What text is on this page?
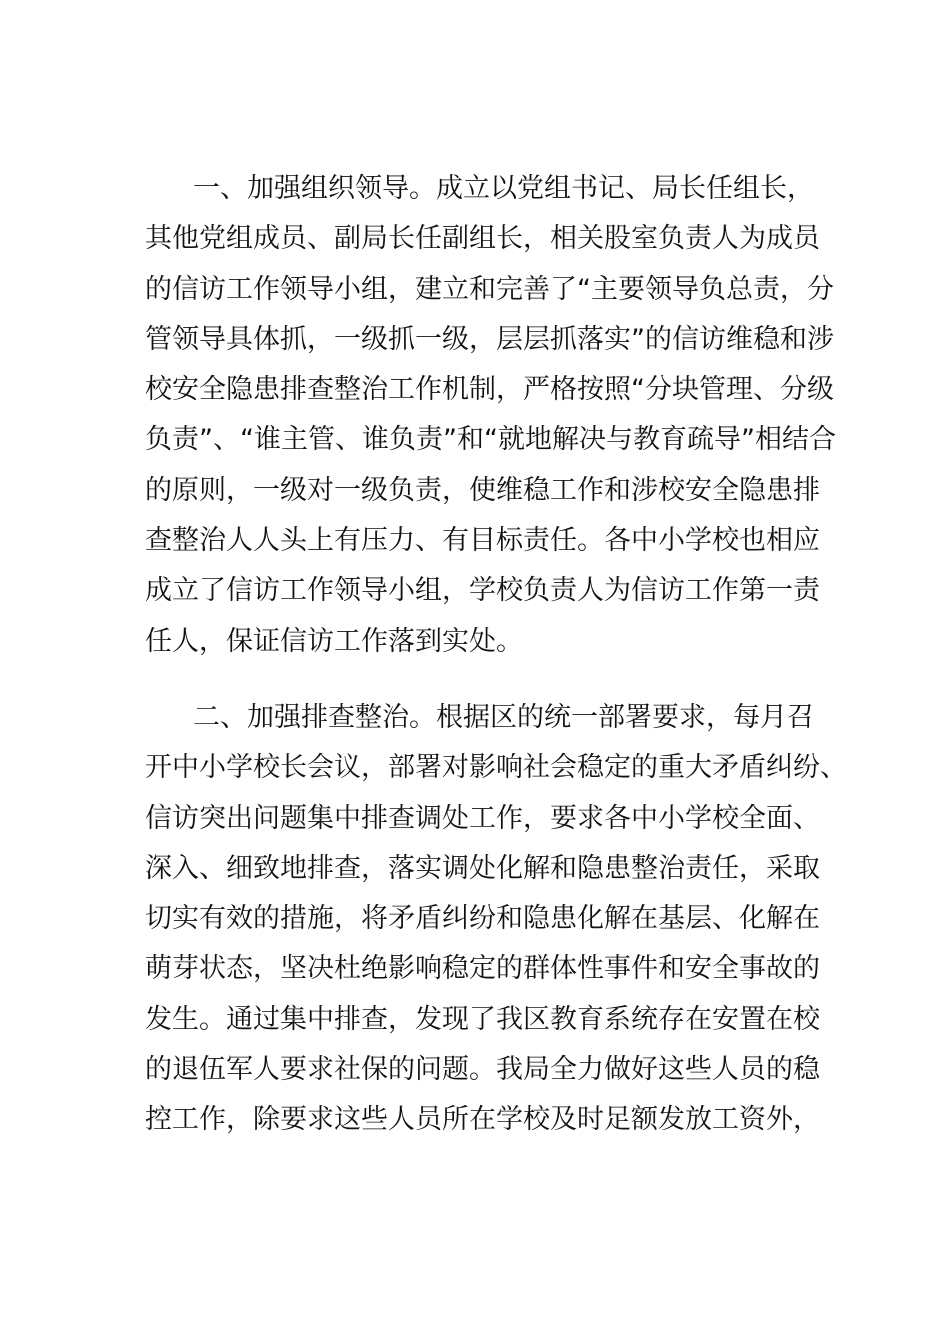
一、加强组织领导。成立以党组书记、局长任组长，
其他党组成员、副局长任副组长，相关股室负责人为成员
的信访工作领导小组，建立和完善了“主要领导负总责，分
管领导具体抓，一级抓一级，层层抓落实”的信访维稳和涉
校安全隐患排查整治工作机制，严格按照“分块管理、分级
负责”、“谁主管、谁负责”和“就地解决与教育疏导”相结合
的原则，一级对一级负责，使维稳工作和涉校安全隐患排
查整治人人头上有压力、有目标责任。各中小学校也相应
成立了信访工作领导小组，学校负责人为信访工作第一责
任人，保证信访工作落到实处。
二、加强排查整治。根据区的统一部署要求，每月召
开中小学校长会议，部署对影响社会稳定的重大矛盾纠纷、
信访突出问题集中排查调处工作，要求各中小学校全面、
深入、细致地排查，落实调处化解和隐患整治责任，采取
切实有效的措施，将矛盾纠纷和隐患化解在基层、化解在
萌芽状态，坚决杜绝影响稳定的群体性事件和安全事故的
发生。通过集中排查，发现了我区教育系统存在安置在校
的退伍军人要求社保的问题。我局全力做好这些人员的稳
控工作，除要求这些人员所在学校及时足额发放工资外，
